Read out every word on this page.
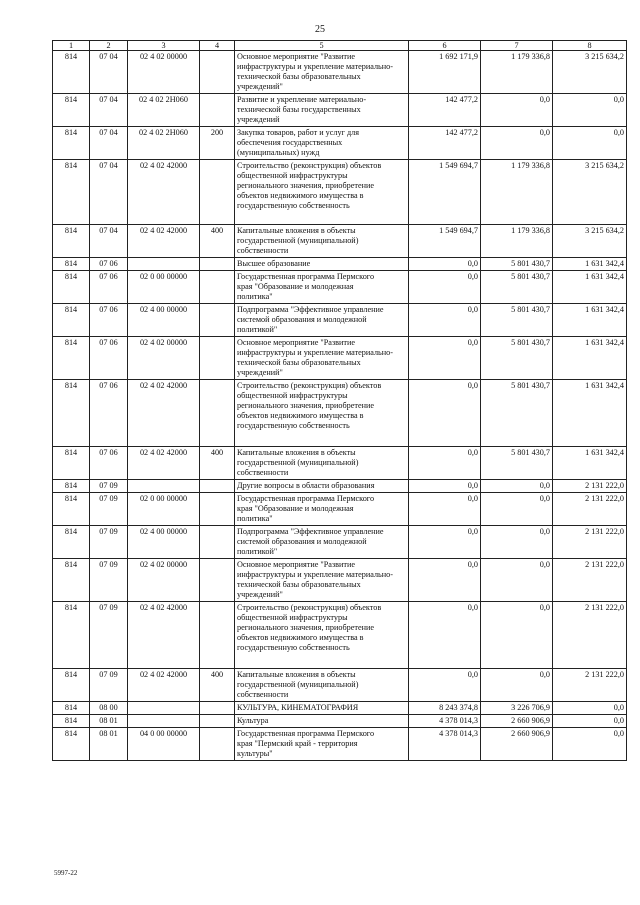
25
1	2	3	4	5	6	7	8
814	07 04	02 4 02 00000		Основное мероприятие "Развитие
инфраструктуры и укрепление материально-
технической базы образовательных
учреждений"	1 692 171,9	1 179 336,8	3 215 634,2
814	07 04	02 4 02 2Н060		Развитие и укрепление материально-
технической базы государственных
учреждений	142 477,2	0,0	0,0
814	07 04	02 4 02 2Н060	200	Закупка товаров, работ и услуг для
обеспечения государственных
(муниципальных) нужд	142 477,2	0,0	0,0
814	07 04	02 4 02 42000		Строительство (реконструкция) объектов
общественной инфраструктуры
регионального значения, приобретение
объектов недвижимого имущества в
государственную собственность	1 549 694,7	1 179 336,8	3 215 634,2
814	07 04	02 4 02 42000	400	Капитальные вложения в объекты
государственной (муниципальной)
собственности	1 549 694,7	1 179 336,8	3 215 634,2
814	07 06			Высшее образование	0,0	5 801 430,7	1 631 342,4
814	07 06	02 0 00 00000		Государственная программа Пермского
края "Образование и молодежная
политика"	0,0	5 801 430,7	1 631 342,4
814	07 06	02 4 00 00000		Подпрограмма "Эффективное управление
системой образования и молодежной
политикой"	0,0	5 801 430,7	1 631 342,4
814	07 06	02 4 02 00000		Основное мероприятие "Развитие
инфраструктуры и укрепление материально-
технической базы образовательных
учреждений"	0,0	5 801 430,7	1 631 342,4
814	07 06	02 4 02 42000		Строительство (реконструкция) объектов
общественной инфраструктуры
регионального значения, приобретение
объектов недвижимого имущества в
государственную собственность	0,0	5 801 430,7	1 631 342,4
814	07 06	02 4 02 42000	400	Капитальные вложения в объекты
государственной (муниципальной)
собственности	0,0	5 801 430,7	1 631 342,4
814	07 09			Другие вопросы в области образования	0,0	0,0	2 131 222,0
814	07 09	02 0 00 00000		Государственная программа Пермского
края "Образование и молодежная
политика"	0,0	0,0	2 131 222,0
814	07 09	02 4 00 00000		Подпрограмма "Эффективное управление
системой образования и молодежной
политикой"	0,0	0,0	2 131 222,0
814	07 09	02 4 02 00000		Основное мероприятие "Развитие
инфраструктуры и укрепление материально-
технической базы образовательных
учреждений"	0,0	0,0	2 131 222,0
814	07 09	02 4 02 42000		Строительство (реконструкция) объектов
общественной инфраструктуры
регионального значения, приобретение
объектов недвижимого имущества в
государственную собственность	0,0	0,0	2 131 222,0
814	07 09	02 4 02 42000	400	Капитальные вложения в объекты
государственной (муниципальной)
собственности	0,0	0,0	2 131 222,0
814	08 00			КУЛЬТУРА, КИНЕМАТОГРАФИЯ	8 243 374,8	3 226 706,9	0,0
814	08 01			Культура	4 378 014,3	2 660 906,9	0,0
814	08 01	04 0 00 00000		Государственная программа Пермского
края "Пермский край - территория
культуры"	4 378 014,3	2 660 906,9	0,0
5997-22
